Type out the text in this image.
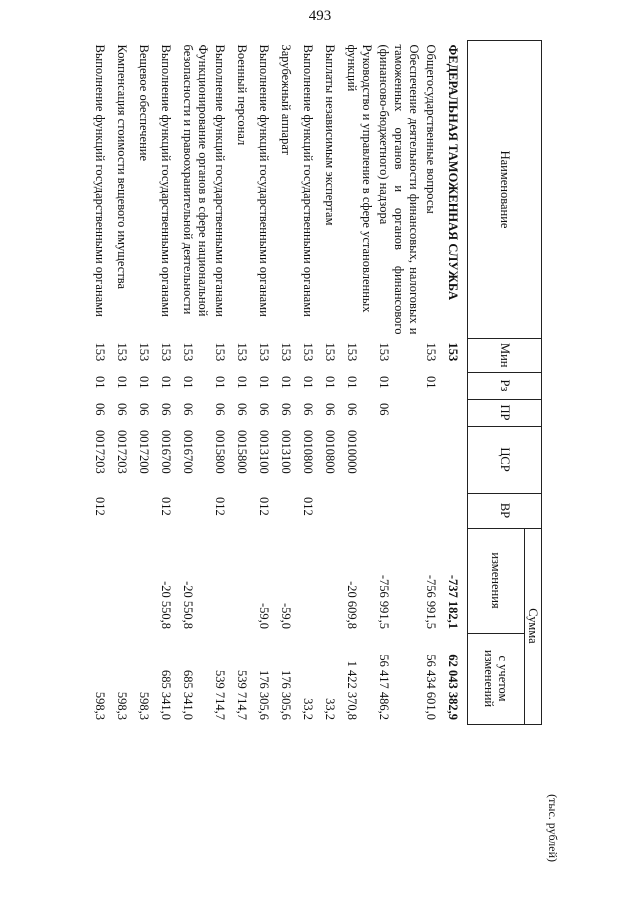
493
(тыс. рублей)
Наименование	Мин	Рз	ПР	ЦСР	ВР	Сумма	
						изменения	с учетом изменений
ФЕДЕРАЛЬНАЯ ТАМОЖЕННАЯ СЛУЖБА	153					-737 182,1	62 043 382,9
Общегосударственные вопросы	153	01				-756 991,5	56 434 601,0
Обеспечение деятельности финансовых, налоговых и таможенных органов и органов финансового (финансово-бюджетного) надзора	153	01	06			-756 991,5	56 417 486,2
Руководство и управление в сфере установленных функций	153	01	06	0010000		-20 609,8	1 422 370,8
Выплаты независимым экспертам	153	01	06	0010800			33,2
Выполнение функций государственными органами	153	01	06	0010800	012		33,2
Зарубежный аппарат	153	01	06	0013100		-59,0	176 305,6
Выполнение функций государственными органами	153	01	06	0013100	012	-59,0	176 305,6
Военный персонал	153	01	06	0015800			539 714,7
Выполнение функций государственными органами	153	01	06	0015800	012		539 714,7
Функционирование органов в сфере национальной безопасности и правоохранительной деятельности	153	01	06	0016700		-20 550,8	685 341,0
Выполнение функций государственными органами	153	01	06	0016700	012	-20 550,8	685 341,0
Вещевое обеспечение	153	01	06	0017200			598,3
Компенсация стоимости вещевого имущества	153	01	06	0017203			598,3
Выполнение функций государственными органами	153	01	06	0017203	012		598,3
